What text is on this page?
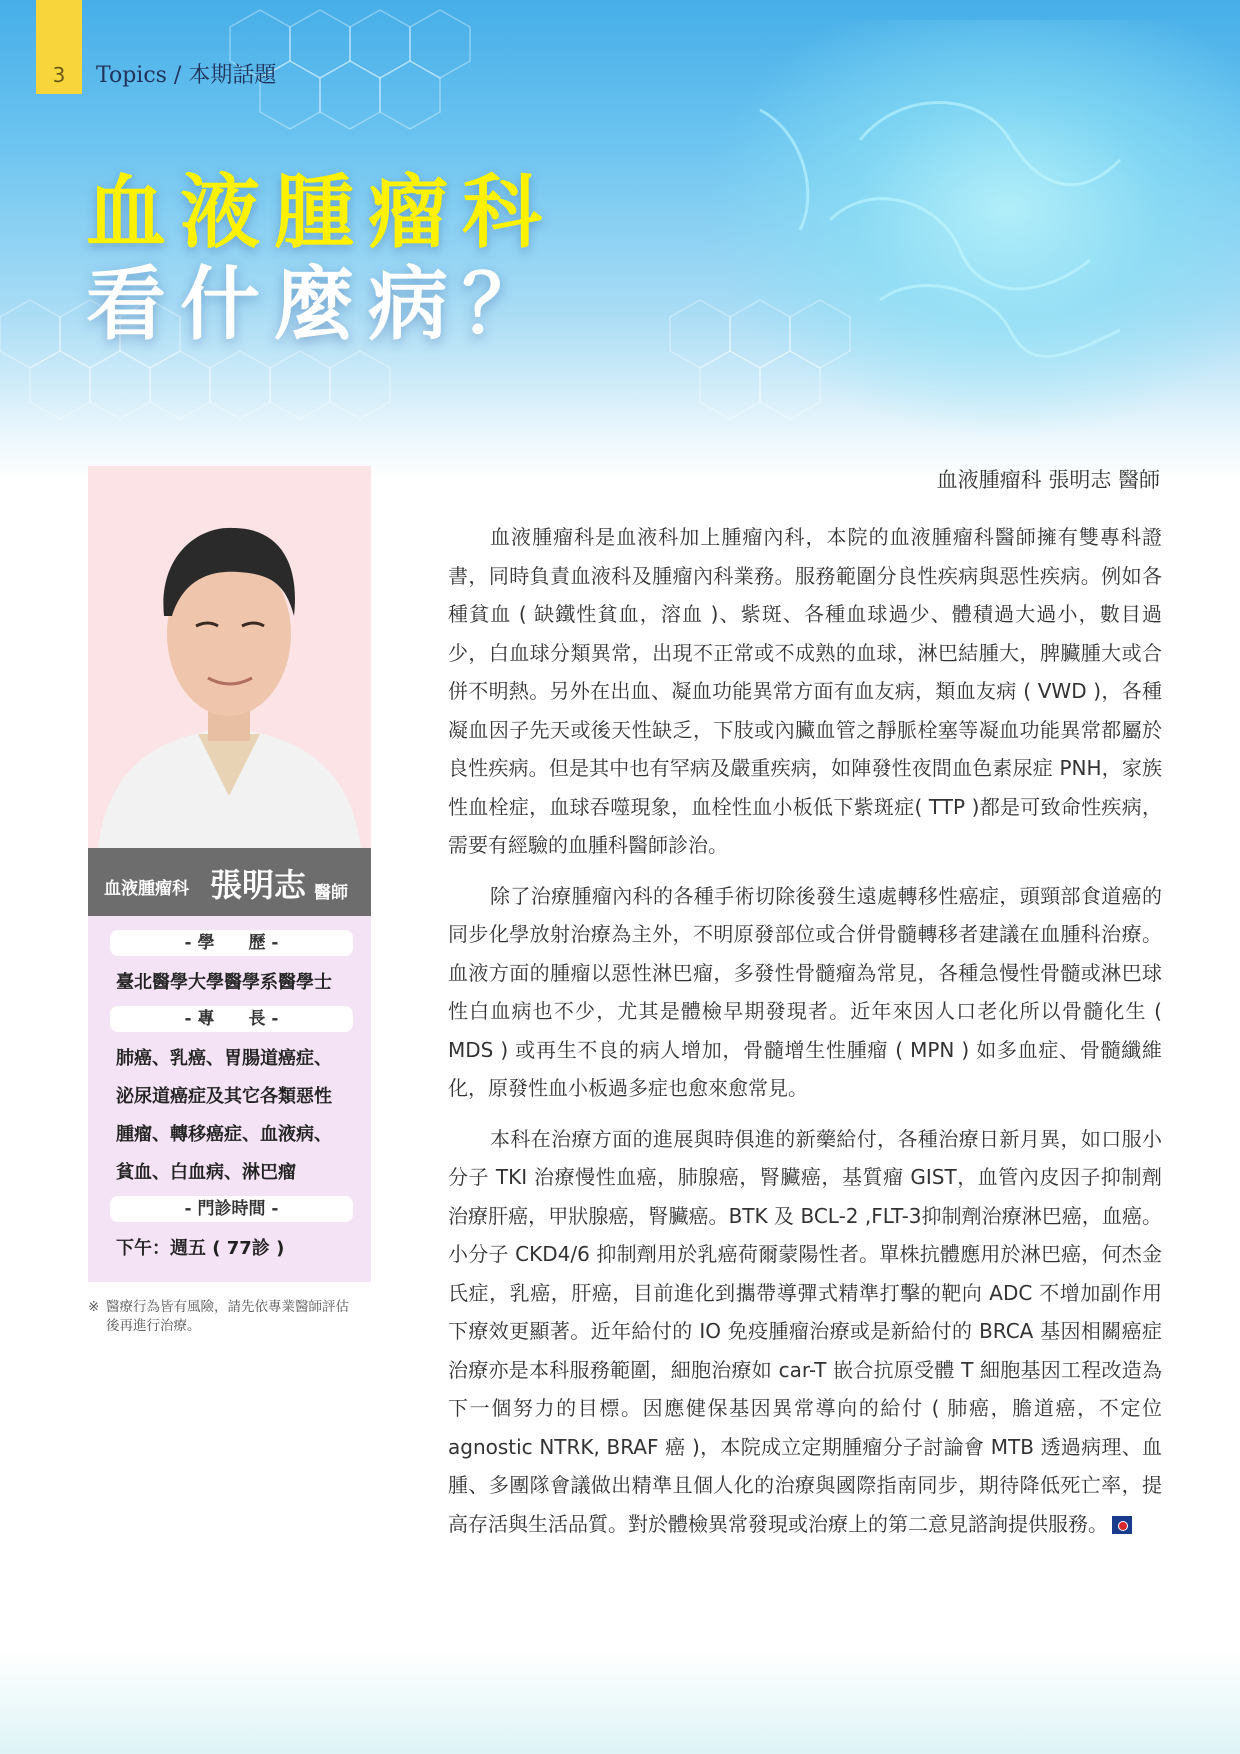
3	Topics / 本期話題
血液腫瘤科
看什麼病？
血液腫瘤科 張明志 醫師
- 學　　歷 -
臺北醫學大學醫學系醫學士
- 專　　長 -
肺癌、乳癌、胃腸道癌症、
泌尿道癌症及其它各類惡性
腫瘤、轉移癌症、血液病、
貧血、白血病、淋巴瘤
- 門診時間 -
下午：週五 ( 77診 )
※ 醫療行為皆有風險，請先依專業醫師評估
後再進行治療。
血液腫瘤科 張明志 醫師

血液腫瘤科是血液科加上腫瘤內科，本院的血液腫瘤科醫師擁有雙專科證書，同時負責血液科及腫瘤內科業務。服務範圍分良性疾病與惡性疾病。例如各種貧血 ( 缺鐵性貧血，溶血 )、紫斑、各種血球過少、體積過大過小，數目過少，白血球分類異常，出現不正常或不成熟的血球，淋巴結腫大，脾臟腫大或合併不明熱。另外在出血、凝血功能異常方面有血友病，類血友病 ( VWD )，各種凝血因子先天或後天性缺乏，下肢或內臟血管之靜脈栓塞等凝血功能異常都屬於良性疾病。但是其中也有罕病及嚴重疾病，如陣發性夜間血色素尿症 PNH，家族性血栓症，血球吞噬現象，血栓性血小板低下紫斑症( TTP )都是可致命性疾病，需要有經驗的血腫科醫師診治。

除了治療腫瘤內科的各種手術切除後發生遠處轉移性癌症，頭頸部食道癌的同步化學放射治療為主外，不明原發部位或合併骨髓轉移者建議在血腫科治療。血液方面的腫瘤以惡性淋巴瘤，多發性骨髓瘤為常見，各種急慢性骨髓或淋巴球性白血病也不少，尤其是體檢早期發現者。近年來因人口老化所以骨髓化生 ( MDS ) 或再生不良的病人增加，骨髓增生性腫瘤 ( MPN ) 如多血症、骨髓纖維化，原發性血小板過多症也愈來愈常見。

本科在治療方面的進展與時俱進的新藥給付，各種治療日新月異，如口服小分子 TKI 治療慢性血癌，肺腺癌，腎臟癌，基質瘤 GIST，血管內皮因子抑制劑治療肝癌，甲狀腺癌，腎臟癌。BTK 及 BCL-2 ,FLT-3抑制劑治療淋巴癌，血癌。小分子 CKD4/6 抑制劑用於乳癌荷爾蒙陽性者。單株抗體應用於淋巴癌，何杰金氏症，乳癌，肝癌，目前進化到攜帶導彈式精準打擊的靶向 ADC 不增加副作用下療效更顯著。近年給付的 IO 免疫腫瘤治療或是新給付的 BRCA 基因相關癌症治療亦是本科服務範圍，細胞治療如 car-T 嵌合抗原受體 T 細胞基因工程改造為下一個努力的目標。因應健保基因異常導向的給付 ( 肺癌，膽道癌，不定位 agnostic NTRK, BRAF 癌 )，本院成立定期腫瘤分子討論會 MTB 透過病理、血腫、多團隊會議做出精準且個人化的治療與國際指南同步，期待降低死亡率，提高存活與生活品質。對於體檢異常發現或治療上的第二意見諮詢提供服務。
